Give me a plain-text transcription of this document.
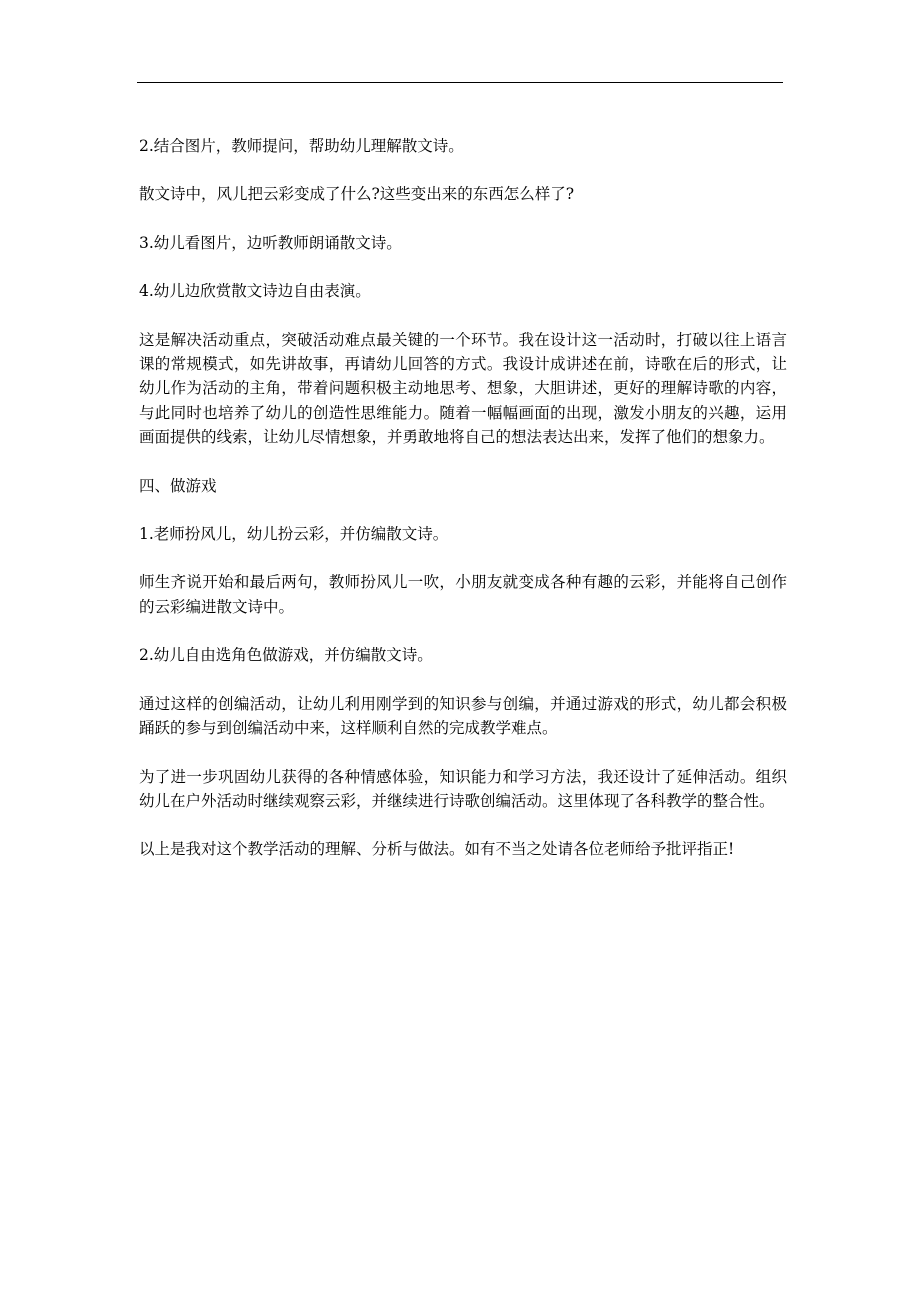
2.结合图片，教师提问，帮助幼儿理解散文诗。

散文诗中，风儿把云彩变成了什么?这些变出来的东西怎么样了?

3.幼儿看图片，边听教师朗诵散文诗。

4.幼儿边欣赏散文诗边自由表演。

这是解决活动重点，突破活动难点最关键的一个环节。我在设计这一活动时，打破以往上语言课的常规模式，如先讲故事，再请幼儿回答的方式。我设计成讲述在前，诗歌在后的形式，让幼儿作为活动的主角，带着问题积极主动地思考、想象，大胆讲述，更好的理解诗歌的内容，与此同时也培养了幼儿的创造性思维能力。随着一幅幅画面的出现，激发小朋友的兴趣，运用画面提供的线索，让幼儿尽情想象，并勇敢地将自己的想法表达出来，发挥了他们的想象力。

四、做游戏

1.老师扮风儿，幼儿扮云彩，并仿编散文诗。

师生齐说开始和最后两句，教师扮风儿一吹，小朋友就变成各种有趣的云彩，并能将自己创作的云彩编进散文诗中。

2.幼儿自由选角色做游戏，并仿编散文诗。

通过这样的创编活动，让幼儿利用刚学到的知识参与创编，并通过游戏的形式，幼儿都会积极踊跃的参与到创编活动中来，这样顺利自然的完成教学难点。

为了进一步巩固幼儿获得的各种情感体验，知识能力和学习方法，我还设计了延伸活动。组织幼儿在户外活动时继续观察云彩，并继续进行诗歌创编活动。这里体现了各科教学的整合性。

以上是我对这个教学活动的理解、分析与做法。如有不当之处请各位老师给予批评指正!
